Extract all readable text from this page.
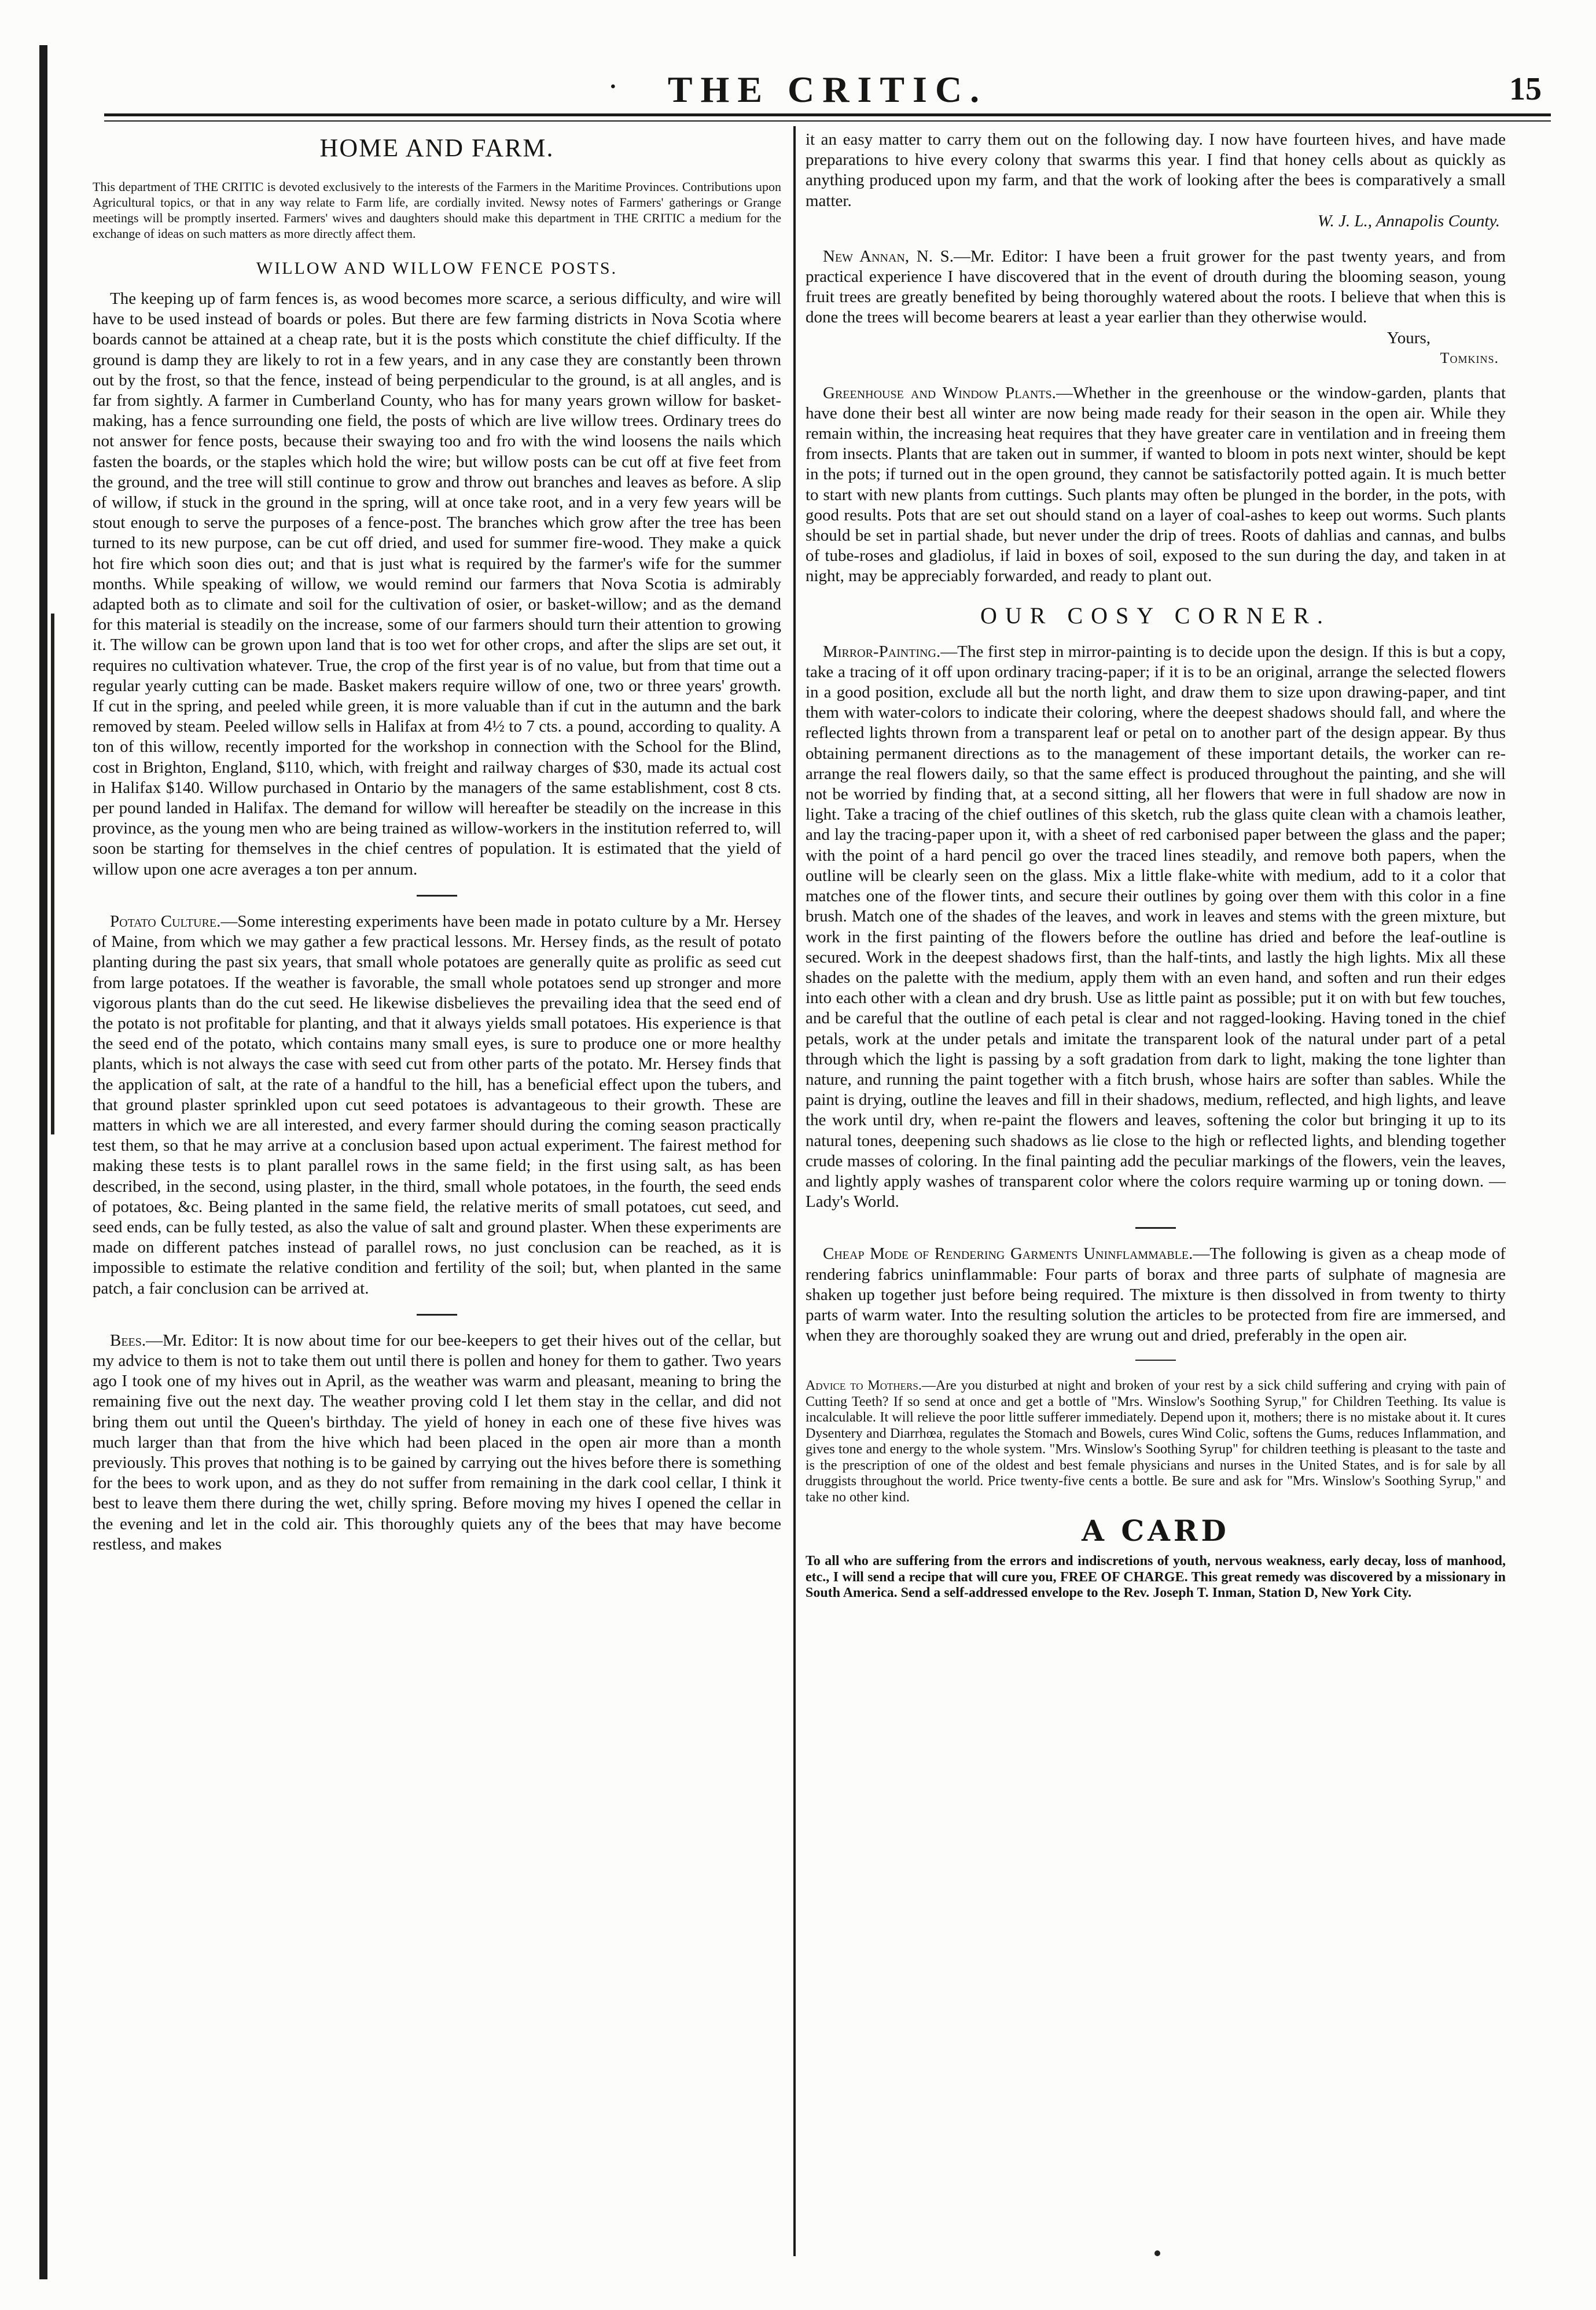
·	THE CRITIC.	15
HOME AND FARM.

This department of THE CRITIC is devoted exclusively to the interests of the Farmers in the Maritime Provinces. Contributions upon Agricultural topics, or that in any way relate to Farm life, are cordially invited. Newsy notes of Farmers' gatherings or Grange meetings will be promptly inserted. Farmers' wives and daughters should make this department in THE CRITIC a medium for the exchange of ideas on such matters as more directly affect them.

WILLOW AND WILLOW FENCE POSTS.

The keeping up of farm fences is, as wood becomes more scarce, a serious difficulty, and wire will have to be used instead of boards or poles. But there are few farming districts in Nova Scotia where boards cannot be attained at a cheap rate, but it is the posts which constitute the chief difficulty. If the ground is damp they are likely to rot in a few years, and in any case they are constantly been thrown out by the frost, so that the fence, instead of being perpendicular to the ground, is at all angles, and is far from sightly. A farmer in Cumberland County, who has for many years grown willow for basket-making, has a fence surrounding one field, the posts of which are live willow trees. Ordinary trees do not answer for fence posts, because their swaying too and fro with the wind loosens the nails which fasten the boards, or the staples which hold the wire; but willow posts can be cut off at five feet from the ground, and the tree will still continue to grow and throw out branches and leaves as before. A slip of willow, if stuck in the ground in the spring, will at once take root, and in a very few years will be stout enough to serve the purposes of a fence-post. The branches which grow after the tree has been turned to its new purpose, can be cut off dried, and used for summer fire-wood. They make a quick hot fire which soon dies out; and that is just what is required by the farmer's wife for the summer months. While speaking of willow, we would remind our farmers that Nova Scotia is admirably adapted both as to climate and soil for the cultivation of osier, or basket-willow; and as the demand for this material is steadily on the increase, some of our farmers should turn their attention to growing it. The willow can be grown upon land that is too wet for other crops, and after the slips are set out, it requires no cultivation whatever. True, the crop of the first year is of no value, but from that time out a regular yearly cutting can be made. Basket makers require willow of one, two or three years' growth. If cut in the spring, and peeled while green, it is more valuable than if cut in the autumn and the bark removed by steam. Peeled willow sells in Halifax at from 4½ to 7 cts. a pound, according to quality. A ton of this willow, recently imported for the workshop in connection with the School for the Blind, cost in Brighton, England, $110, which, with freight and railway charges of $30, made its actual cost in Halifax $140. Willow purchased in Ontario by the managers of the same establishment, cost 8 cts. per pound landed in Halifax. The demand for willow will hereafter be steadily on the increase in this province, as the young men who are being trained as willow-workers in the institution referred to, will soon be starting for themselves in the chief centres of population. It is estimated that the yield of willow upon one acre averages a ton per annum.

Potato Culture.—Some interesting experiments have been made in potato culture by a Mr. Hersey of Maine, from which we may gather a few practical lessons. Mr. Hersey finds, as the result of potato planting during the past six years, that small whole potatoes are generally quite as prolific as seed cut from large potatoes. If the weather is favorable, the small whole potatoes send up stronger and more vigorous plants than do the cut seed. He likewise disbelieves the prevailing idea that the seed end of the potato is not profitable for planting, and that it always yields small potatoes. His experience is that the seed end of the potato, which contains many small eyes, is sure to produce one or more healthy plants, which is not always the case with seed cut from other parts of the potato. Mr. Hersey finds that the application of salt, at the rate of a handful to the hill, has a beneficial effect upon the tubers, and that ground plaster sprinkled upon cut seed potatoes is advantageous to their growth. These are matters in which we are all interested, and every farmer should during the coming season practically test them, so that he may arrive at a conclusion based upon actual experiment. The fairest method for making these tests is to plant parallel rows in the same field; in the first using salt, as has been described, in the second, using plaster, in the third, small whole potatoes, in the fourth, the seed ends of potatoes, &c. Being planted in the same field, the relative merits of small potatoes, cut seed, and seed ends, can be fully tested, as also the value of salt and ground plaster. When these experiments are made on different patches instead of parallel rows, no just conclusion can be reached, as it is impossible to estimate the relative condition and fertility of the soil; but, when planted in the same patch, a fair conclusion can be arrived at.

Bees.—Mr. Editor: It is now about time for our bee-keepers to get their hives out of the cellar, but my advice to them is not to take them out until there is pollen and honey for them to gather. Two years ago I took one of my hives out in April, as the weather was warm and pleasant, meaning to bring the remaining five out the next day. The weather proving cold I let them stay in the cellar, and did not bring them out until the Queen's birthday. The yield of honey in each one of these five hives was much larger than that from the hive which had been placed in the open air more than a month previously. This proves that nothing is to be gained by carrying out the hives before there is something for the bees to work upon, and as they do not suffer from remaining in the dark cool cellar, I think it best to leave them there during the wet, chilly spring. Before moving my hives I opened the cellar in the evening and let in the cold air. This thoroughly quiets any of the bees that may have become restless, and makes

it an easy matter to carry them out on the following day. I now have fourteen hives, and have made preparations to hive every colony that swarms this year. I find that honey cells about as quickly as anything produced upon my farm, and that the work of looking after the bees is comparatively a small matter.

W. J. L., Annapolis County.

New Annan, N. S.—Mr. Editor: I have been a fruit grower for the past twenty years, and from practical experience I have discovered that in the event of drouth during the blooming season, young fruit trees are greatly benefited by being thoroughly watered about the roots. I believe that when this is done the trees will become bearers at least a year earlier than they otherwise would.

Yours,

Tomkins.

Greenhouse and Window Plants.—Whether in the greenhouse or the window-garden, plants that have done their best all winter are now being made ready for their season in the open air. While they remain within, the increasing heat requires that they have greater care in ventilation and in freeing them from insects. Plants that are taken out in summer, if wanted to bloom in pots next winter, should be kept in the pots; if turned out in the open ground, they cannot be satisfactorily potted again. It is much better to start with new plants from cuttings. Such plants may often be plunged in the border, in the pots, with good results. Pots that are set out should stand on a layer of coal-ashes to keep out worms. Such plants should be set in partial shade, but never under the drip of trees. Roots of dahlias and cannas, and bulbs of tube-roses and gladiolus, if laid in boxes of soil, exposed to the sun during the day, and taken in at night, may be appreciably forwarded, and ready to plant out.

OUR COSY CORNER.

Mirror-Painting.—The first step in mirror-painting is to decide upon the design. If this is but a copy, take a tracing of it off upon ordinary tracing-paper; if it is to be an original, arrange the selected flowers in a good position, exclude all but the north light, and draw them to size upon drawing-paper, and tint them with water-colors to indicate their coloring, where the deepest shadows should fall, and where the reflected lights thrown from a transparent leaf or petal on to another part of the design appear. By thus obtaining permanent directions as to the management of these important details, the worker can re-arrange the real flowers daily, so that the same effect is produced throughout the painting, and she will not be worried by finding that, at a second sitting, all her flowers that were in full shadow are now in light. Take a tracing of the chief outlines of this sketch, rub the glass quite clean with a chamois leather, and lay the tracing-paper upon it, with a sheet of red carbonised paper between the glass and the paper; with the point of a hard pencil go over the traced lines steadily, and remove both papers, when the outline will be clearly seen on the glass. Mix a little flake-white with medium, add to it a color that matches one of the flower tints, and secure their outlines by going over them with this color in a fine brush. Match one of the shades of the leaves, and work in leaves and stems with the green mixture, but work in the first painting of the flowers before the outline has dried and before the leaf-outline is secured. Work in the deepest shadows first, than the half-tints, and lastly the high lights. Mix all these shades on the palette with the medium, apply them with an even hand, and soften and run their edges into each other with a clean and dry brush. Use as little paint as possible; put it on with but few touches, and be careful that the outline of each petal is clear and not ragged-looking. Having toned in the chief petals, work at the under petals and imitate the transparent look of the natural under part of a petal through which the light is passing by a soft gradation from dark to light, making the tone lighter than nature, and running the paint together with a fitch brush, whose hairs are softer than sables. While the paint is drying, outline the leaves and fill in their shadows, medium, reflected, and high lights, and leave the work until dry, when re-paint the flowers and leaves, softening the color but bringing it up to its natural tones, deepening such shadows as lie close to the high or reflected lights, and blending together crude masses of coloring. In the final painting add the peculiar markings of the flowers, vein the leaves, and lightly apply washes of transparent color where the colors require warming up or toning down. — Lady's World.

Cheap Mode of Rendering Garments Uninflammable.—The following is given as a cheap mode of rendering fabrics uninflammable: Four parts of borax and three parts of sulphate of magnesia are shaken up together just before being required. The mixture is then dissolved in from twenty to thirty parts of warm water. Into the resulting solution the articles to be protected from fire are immersed, and when they are thoroughly soaked they are wrung out and dried, preferably in the open air.

Advice to Mothers.—Are you disturbed at night and broken of your rest by a sick child suffering and crying with pain of Cutting Teeth? If so send at once and get a bottle of "Mrs. Winslow's Soothing Syrup," for Children Teething. Its value is incalculable. It will relieve the poor little sufferer immediately. Depend upon it, mothers; there is no mistake about it. It cures Dysentery and Diarrhœa, regulates the Stomach and Bowels, cures Wind Colic, softens the Gums, reduces Inflammation, and gives tone and energy to the whole system. "Mrs. Winslow's Soothing Syrup" for children teething is pleasant to the taste and is the prescription of one of the oldest and best female physicians and nurses in the United States, and is for sale by all druggists throughout the world. Price twenty-five cents a bottle. Be sure and ask for "Mrs. Winslow's Soothing Syrup," and take no other kind.

A CARD

To all who are suffering from the errors and indiscretions of youth, nervous weakness, early decay, loss of manhood, etc., I will send a recipe that will cure you, FREE OF CHARGE. This great remedy was discovered by a missionary in South America. Send a self-addressed envelope to the Rev. Joseph T. Inman, Station D, New York City.
